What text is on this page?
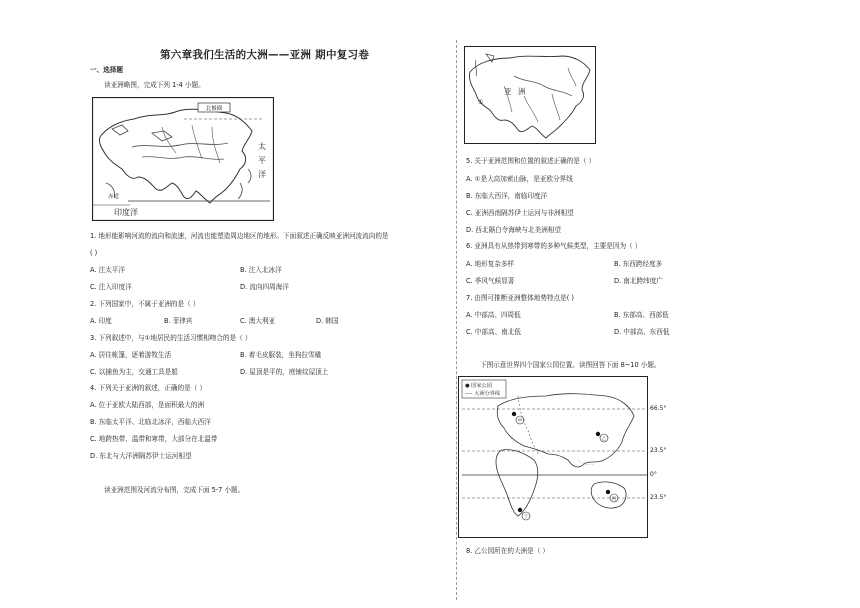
第六章我们生活的大洲——亚洲 期中复习卷
一、选择题
读亚洲略图，完成下列 1-4 小题。
北极圈
太
平
洋
赤道
印度洋
1. 地形能影响河流的流向和流速，河流也能塑造周边地区的地形。下面叙述正确反映亚洲河流流向的是
( )
A. 注太平洋	B. 注入北冰洋
C. 注入印度洋	D. 流向四周海洋
2. 下列国家中，不属于亚洲的是（ ）
A. 印度	B. 菲律宾	C. 澳大利亚	D. 韩国
3. 下列叙述中，与①地居民的生活习惯相吻合的是（ ）
A. 居住帐篷，逐着游牧生活	B. 着毛皮服装，坐狗拉雪橇
C. 以捕鱼为主，交通工具是船	D. 屋顶是平的，庭铺纹屋顶上
4. 下列关于亚洲的叙述，正确的是（ ）
A. 位于亚欧大陆西部，是面积最大的洲
B. 东临太平洋、北临北冰洋，西临大西洋
C. 地跨热带、温带和寒带，大部分在北温带
D. 东北与大洋洲隔苏伊士运河相望
读亚洲范围及河流分布图，完成下面 5-7 小题。
亚 洲
①
5. 关于亚洲范围和位置的叙述正确的是（ ）
A. ①是大高加索山脉，是亚欧分界线
B. 东临大西洋，南临印度洋
C. 亚洲西南隔苏伊士运河与非洲相望
D. 西北隔白令海峡与北美洲相望
6. 亚洲具有从热带到寒带的多种气候类型，主要是因为（ ）
A. 地形复杂多样	B. 东西跨经度多
C. 季风气候显著	D. 南北跨纬度广
7. 由图可推断亚洲整体地势特点是( )
A. 中部高、四周低	B. 东部高、西部低
C. 中部高、南北低	D. 中部高、东西低
下图示意世界四个国家公园位置。读图回答下面 8~10 小题。
66.5°
23.5°
0°
23.5°
● 国家公园
---- 大洲分界线
甲
乙
丙
丁
8. 乙公园所在的大洲是（ ）
